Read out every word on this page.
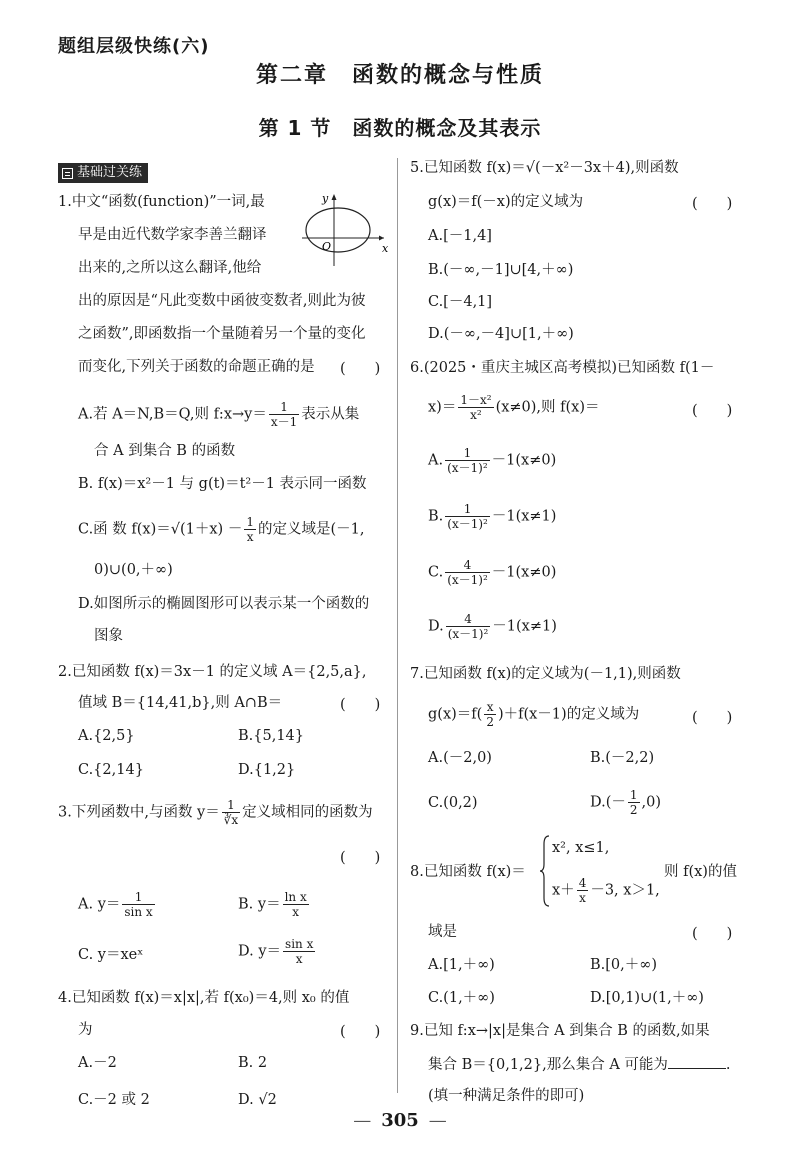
题组层级快练(六)
第二章　函数的概念与性质
第 1 节　函数的概念及其表示
基础过关练
1.中文“函数(function)”一词,最
早是由近代数学家李善兰翻译
出来的,之所以这么翻译,他给
出的原因是“凡此变数中函彼变数者,则此为彼
之函数”,即函数指一个量随着另一个量的变化
而变化,下列关于函数的命题正确的是 (　　)
y
x
O
A.若 A＝N,B＝Q,则 f:x→y＝ $\frac{1}{x-1}$ 表示从集
合 A 到集合 B 的函数
B. f(x)＝x²－1 与 g(t)＝t²－1 表示同一函数
C.函 数 $f(x)=√(1+x) - \frac{1}{x}$ 的定义域是(－1,
0)∪(0,＋∞)
D.如图所示的椭圆图形可以表示某一个函数的
图象
2.已知函数 f(x)＝3x－1 的定义域 A＝{2,5,a},
值域 B＝{14,41,b},则 A∩B＝	(　　)
A.{2,5}	B.{5,14}
C.{2,14}	D.{1,2}
3.下列函数中,与函数 $y= \frac{1}{∛x}$ 定义域相同的函数为
(　　)
A. $y= \frac{1}{\text{sin x}}$	B. $y= \frac{\text{ln x}}{x}$
C. y＝xeˣ	D. $y= \frac{\text{sin x}}{x}$
4.已知函数 f(x)＝x|x|,若 f(x₀)＝4,则 x₀ 的值
为	(　　)
A.－2	B. 2
C.－2 或 2	D. √2
5.已知函数 f(x)＝√(－x²－3x＋4),则函数
g(x)＝f(－x)的定义域为	(　　)
A.[－1,4]
B.(－∞,－1]∪[4,＋∞)
C.[－4,1]
D.(－∞,－4]∪[1,＋∞)
6.(2025・重庆主城区高考模拟)已知函数 f(1－
$x)= \frac{\text{1－x²}}{\text{x²}} (x\ne 0)$,则 f(x)＝	(　　)
A. $\frac{1}{\text{(x－1)²}} -1(x\ne 0)$
B. $\frac{1}{\text{(x－1)²}} -1(x\ne 1)$
C. $\frac{4}{\text{(x－1)²}} -1(x\ne 0)$
D. $\frac{4}{\text{(x－1)²}} -1(x\ne 1)$
7.已知函数 f(x)的定义域为(－1,1),则函数
$g(x)=f( \frac{x}{2} )+f(x-1)$的定义域为	(　　)
A.(－2,0)	B.(－2,2)
C.(0,2)	$D.(- \frac{1}{2} ,0)$
8.已知函数 f(x)＝
x², x≤1,
$x+ \frac{4}{x} -3$, x＞1,
则 f(x)的值
域是	(　　)
A.[1,＋∞)	B.[0,＋∞)
C.(1,＋∞)	D.[0,1)∪(1,＋∞)
9.已知 f:x→|x|是集合 A 到集合 B 的函数,如果
集合 B＝{0,1,2},那么集合 A 可能为	.
(填一种满足条件的即可)
— 305 —
